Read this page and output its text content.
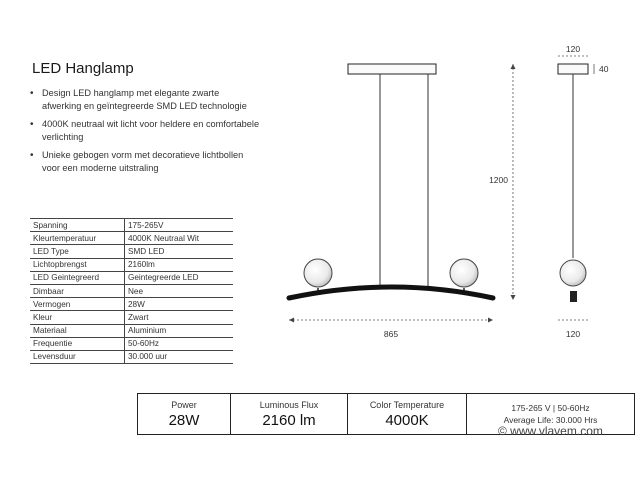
LED Hanglamp
• Design LED hanglamp met elegante zwarte afwerking en geïntegreerde SMD LED technologie
• 4000K neutraal wit licht voor heldere en comfortabele verlichting
• Unieke gebogen vorm met decoratieve lichtbollen voor een moderne uitstraling
Spanning	175-265V
Kleurtemperatuur	4000K Neutraal Wit
LED Type	SMD LED
Lichtopbrengst	2160lm
LED Geintegreerd	Geintegreerde LED
Dimbaar	Nee
Vermogen	28W
Kleur	Zwart
Materiaal	Aluminium
Frequentie	50-60Hz
Levensduur	30.000 uur
865
1200
120
40
120
Power
28W
Luminous Flux
2160 lm
Color Temperature
4000K
175-265 V | 50-60Hz
Average Life: 30.000 Hrs
© www.vlavem.com
